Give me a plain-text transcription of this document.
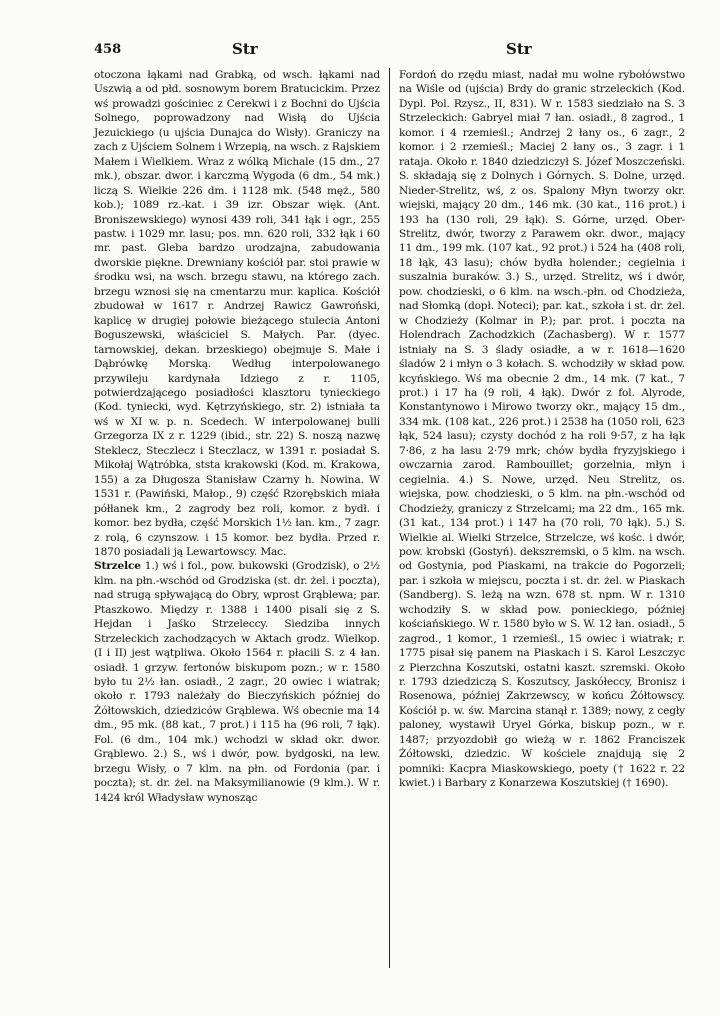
458	Str	Str

otoczona łąkami nad Grabką, od wsch. łąkami nad Uszwią a od płd. sosnowym borem Bratucickim. Przez wś prowadzi gościniec z Cerekwi i z Bochni do Ujścia Solnego, poprowadzony nad Wisłą do Ujścia Jezuickiego (u ujścia Dunajca do Wisły). Graniczy na zach z Ujściem Solnem i Wrzepią, na wsch. z Rajskiem Małem i Wielkiem. Wraz z wólką Michale (15 dm., 27 mk.), obszar. dwor. i karczmą Wygoda (6 dm., 54 mk.) liczą S. Wielkie 226 dm. i 1128 mk. (548 męż., 580 kob.); 1089 rz.-kat. i 39 izr. Obszar więk. (Ant. Broniszewskiego) wynosi 439 roli, 341 łąk i ogr., 255 pastw. i 1029 mr. lasu; pos. mn. 620 roli, 332 łąk i 60 mr. past. Gleba bardzo urodzajna, zabudowania dworskie piękne. Drewniany kościół par. stoi prawie w środku wsi, na wsch. brzegu stawu, na którego zach. brzegu wznosi się na cmentarzu mur. kaplica. Kościół zbudował w 1617 r. Andrzej Rawicz Gawroński, kaplicę w drugiej połowie bieżącego stulecia Antoni Boguszewski, właściciel S. Małych. Par. (dyec. tarnowskiej, dekan. brzeskiego) obejmuje S. Małe i Dąbrówkę Morską. Według interpolowanego przywileju kardynała Idziego z r. 1105, potwierdzającego posiadłości klasztoru tynieckiego (Kod. tyniecki, wyd. Kętrzyńskiego, str. 2) istniała ta wś w XI w. p. n. Scedech. W interpolowanej bulli Grzegorza IX z r. 1229 (ibid., str. 22) S. noszą nazwę Steklecz, Steczlecz i Steczlacz, w 1391 r. posiadał S. Mikołaj Wątróbka, ststa krakowski (Kod. m. Krakowa, 155) a za Długosza Stanisław Czarny h. Nowina. W 1531 r. (Pawiński, Małop., 9) część Rzorębskich miała półłanek km., 2 zagrody bez roli, komor. z bydł. i komor. bez bydła, część Morskich 1½ łan. km., 7 zagr. z rolą, 6 czynszow. i 15 komor. bez bydła. Przed r. 1870 posiadali ją Lewartowscy. Mac.

Strzelce 1.) wś i fol., pow. bukowski (Grodzisk), o 2½ klm. na płn.-wschód od Grodziska (st. dr. żel. i poczta), nad strugą spływającą do Obry, wprost Grąblewa; par. Ptaszkowo. Między r. 1388 i 1400 pisali się z S. Hejdan i Jaśko Strzeleccy. Siedziba innych Strzeleckich zachodzących w Aktach grodz. Wielkop. (I i II) jest wątpliwa. Około 1564 r. płacili S. z 4 łan. osiadł. 1 grzyw. fertonów biskupom pozn.; w r. 1580 było tu 2½ łan. osiadł., 2 zagr., 20 owiec i wiatrak; około r. 1793 należały do Bieczyńskich później do Żółtowskich, dziedziców Grąblewa. Wś obecnie ma 14 dm., 95 mk. (88 kat., 7 prot.) i 115 ha (96 roli, 7 łąk). Fol. (6 dm., 104 mk.) wchodzi w skład okr. dwor. Grąblewo. 2.) S., wś i dwór, pow. bydgoski, na lew. brzegu Wisły, o 7 klm. na płn. od Fordonia (par. i poczta); st. dr. żel. na Maksymilianowie (9 klm.). W r. 1424 król Władysław wynosząc

Fordoń do rzędu miast, nadał mu wolne rybołówstwo na Wiśle od (ujścia) Brdy do granic strzeleckich (Kod. Dypl. Pol. Rzysz., II, 831). W r. 1583 siedziało na S. 3 Strzeleckich: Gabryel miał 7 łan. osiadł., 8 zagrod., 1 komor. i 4 rzemieśl.; Andrzej 2 łany os., 6 zagr., 2 komor. i 2 rzemieśl.; Maciej 2 łany os., 3 zagr. i 1 rataja. Około r. 1840 dziedziczył S. Józef Moszczeński. S. składają się z Dolnych i Górnych. S. Dolne, urzęd. Nieder-Strelitz, wś, z os. Spalony Młyn tworzy okr. wiejski, mający 20 dm., 146 mk. (30 kat., 116 prot.) i 193 ha (130 roli, 29 łąk). S. Górne, urzęd. Ober-Strelitz, dwór, tworzy z Parawem okr. dwor., mający 11 dm., 199 mk. (107 kat., 92 prot.) i 524 ha (408 roli, 18 łąk, 43 lasu); chów bydła holender.; cegielnia i suszalnia buraków. 3.) S., urzęd. Strelitz, wś i dwór, pow. chodzieski, o 6 klm. na wsch.-płn. od Chodzieża, nad Słomką (dopł. Noteci); par. kat., szkoła i st. dr. żel. w Chodzieży (Kolmar in P.); par. prot. i poczta na Holendrach Zachodzkich (Zachasberg). W r. 1577 istniały na S. 3 ślady osiadłe, a w r. 1618—1620 śladów 2 i młyn o 3 kołach. S. wchodziły w skład pow. kcyńskiego. Wś ma obecnie 2 dm., 14 mk. (7 kat., 7 prot.) i 17 ha (9 roli, 4 łąk). Dwór z fol. Alyrode, Konstantynowo i Mirowo tworzy okr., mający 15 dm., 334 mk. (108 kat., 226 prot.) i 2538 ha (1050 roli, 623 łąk, 524 lasu); czysty dochód z ha roli 9·57, z ha łąk 7·86, z ha lasu 2·79 mrk; chów bydła fryzyjskiego i owczarnia zarod. Rambouillet; gorzelnia, młyn i cegielnia. 4.) S. Nowe, urzęd. Neu Strelitz, os. wiejska, pow. chodzieski, o 5 klm. na płn.-wschód od Chodzieży, graniczy z Strzelcami; ma 22 dm., 165 mk. (31 kat., 134 prot.) i 147 ha (70 roli, 70 łąk). 5.) S. Wielkie al. Wielki Strzelce, Strzelcze, wś kośc. i dwór, pow. krobski (Gostyń). dekszremski, o 5 klm. na wsch. od Gostynia, pod Piaskami, na trakcie do Pogorzeli; par. i szkoła w miejscu, poczta i st. dr. żel. w Piaskach (Sandberg). S. leżą na wzn. 678 st. npm. W r. 1310 wchodziły S. w skład pow. ponieckiego, później kościańskiego. W r. 1580 było w S. W. 12 łan. osiadł., 5 zagrod., 1 komor., 1 rzemieśl., 15 owiec i wiatrak; r. 1775 pisał się panem na Piaskach i S. Karol Leszczyc z Pierzchna Koszutski, ostatni kaszt. szremski. Około r. 1793 dziedziczą S. Koszutscy, Jaskółeccy, Bronisz i Rosenowa, później Zakrzewscy, w końcu Żółtowscy. Kościół p. w. św. Marcina stanął r. 1389; nowy, z cegły paloney, wystawił Uryel Górka, biskup pozn., w r. 1487; przyozdobił go wieżą w r. 1862 Franciszek Żółtowski, dziedzic. W kościele znajdują się 2 pomniki: Kacpra Miaskowskiego, poety († 1622 r. 22 kwiet.) i Barbary z Konarzewa Koszutskiej († 1690).
